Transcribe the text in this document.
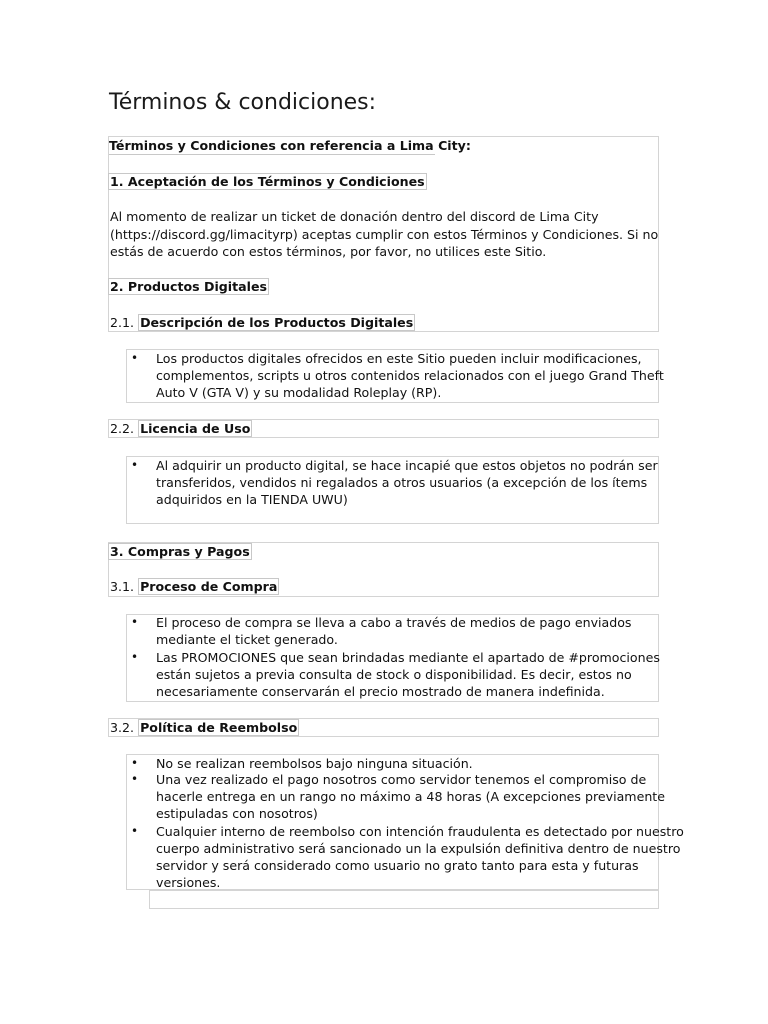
Términos & condiciones:
Términos y Condiciones con referencia a Lima City:
1. Aceptación de los Términos y Condiciones
Al momento de realizar un ticket de donación dentro del discord de Lima City
(https://discord.gg/limacityrp) aceptas cumplir con estos Términos y Condiciones. Si no
estás de acuerdo con estos términos, por favor, no utilices este Sitio.
2. Productos Digitales
2.1. Descripción de los Productos Digitales
• Los productos digitales ofrecidos en este Sitio pueden incluir modificaciones,
complementos, scripts u otros contenidos relacionados con el juego Grand Theft
Auto V (GTA V) y su modalidad Roleplay (RP).
2.2. Licencia de Uso
• Al adquirir un producto digital, se hace incapié que estos objetos no podrán ser
transferidos, vendidos ni regalados a otros usuarios (a excepción de los ítems
adquiridos en la TIENDA UWU)
3. Compras y Pagos
3.1. Proceso de Compra
• El proceso de compra se lleva a cabo a través de medios de pago enviados
mediante el ticket generado.
• Las PROMOCIONES que sean brindadas mediante el apartado de #promociones
están sujetos a previa consulta de stock o disponibilidad. Es decir, estos no
necesariamente conservarán el precio mostrado de manera indefinida.
3.2. Política de Reembolso
• No se realizan reembolsos bajo ninguna situación.
• Una vez realizado el pago nosotros como servidor tenemos el compromiso de
hacerle entrega en un rango no máximo a 48 horas (A excepciones previamente
estipuladas con nosotros)
• Cualquier interno de reembolso con intención fraudulenta es detectado por nuestro
cuerpo administrativo será sancionado un la expulsión definitiva dentro de nuestro
servidor y será considerado como usuario no grato tanto para esta y futuras
versiones.
